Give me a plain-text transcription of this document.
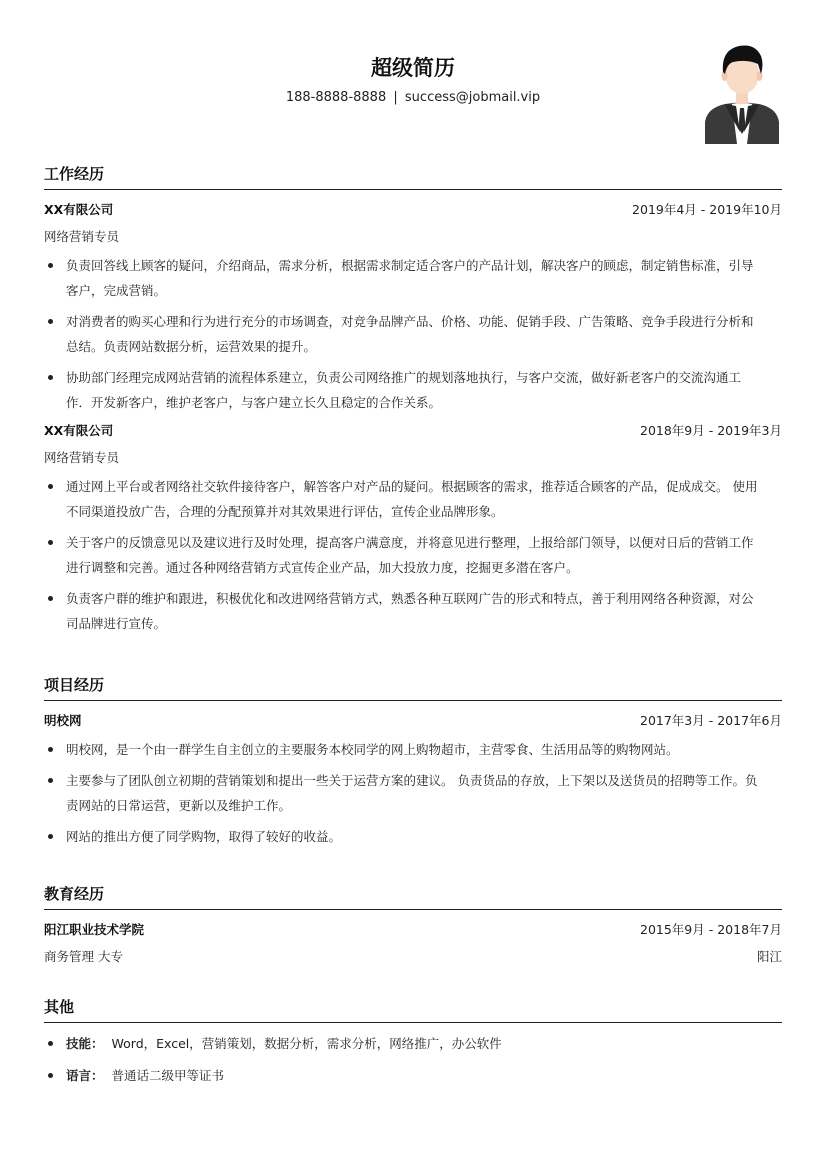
超级简历
188-8888-8888 | success@jobmail.vip
工作经历
XX有限公司	2019年4月 - 2019年10月
网络营销专员
负责回答线上顾客的疑问，介绍商品，需求分析，根据需求制定适合客户的产品计划，解决客户的顾虑，制定销售标准，引导
客户，完成营销。
对消费者的购买心理和行为进行充分的市场调查，对竞争品牌产品、价格、功能、促销手段、广告策略、竞争手段进行分析和
总结。负责网站数据分析，运营效果的提升。
协助部门经理完成网站营销的流程体系建立，负责公司网络推广的规划落地执行，与客户交流，做好新老客户的交流沟通工
作．开发新客户，维护老客户，与客户建立长久且稳定的合作关系。
XX有限公司	2018年9月 - 2019年3月
网络营销专员
通过网上平台或者网络社交软件接待客户，解答客户对产品的疑问。根据顾客的需求，推荐适合顾客的产品，促成成交。 使用
不同渠道投放广告，合理的分配预算并对其效果进行评估，宣传企业品牌形象。
关于客户的反馈意见以及建议进行及时处理，提高客户满意度，并将意见进行整理，上报给部门领导，以便对日后的营销工作
进行调整和完善。通过各种网络营销方式宣传企业产品，加大投放力度，挖掘更多潜在客户。
负责客户群的维护和跟进，积极优化和改进网络营销方式，熟悉各种互联网广告的形式和特点，善于利用网络各种资源，对公
司品牌进行宣传。
项目经历
明校网	2017年3月 - 2017年6月
明校网，是一个由一群学生自主创立的主要服务本校同学的网上购物超市，主营零食、生活用品等的购物网站。
主要参与了团队创立初期的营销策划和提出一些关于运营方案的建议。 负责货品的存放，上下架以及送货员的招聘等工作。负
责网站的日常运营，更新以及维护工作。
网站的推出方便了同学购物，取得了较好的收益。
教育经历
阳江职业技术学院	2015年9月 - 2018年7月
商务管理 大专	阳江
其他
技能： Word，Excel，营销策划，数据分析，需求分析，网络推广，办公软件
语言： 普通话二级甲等证书
